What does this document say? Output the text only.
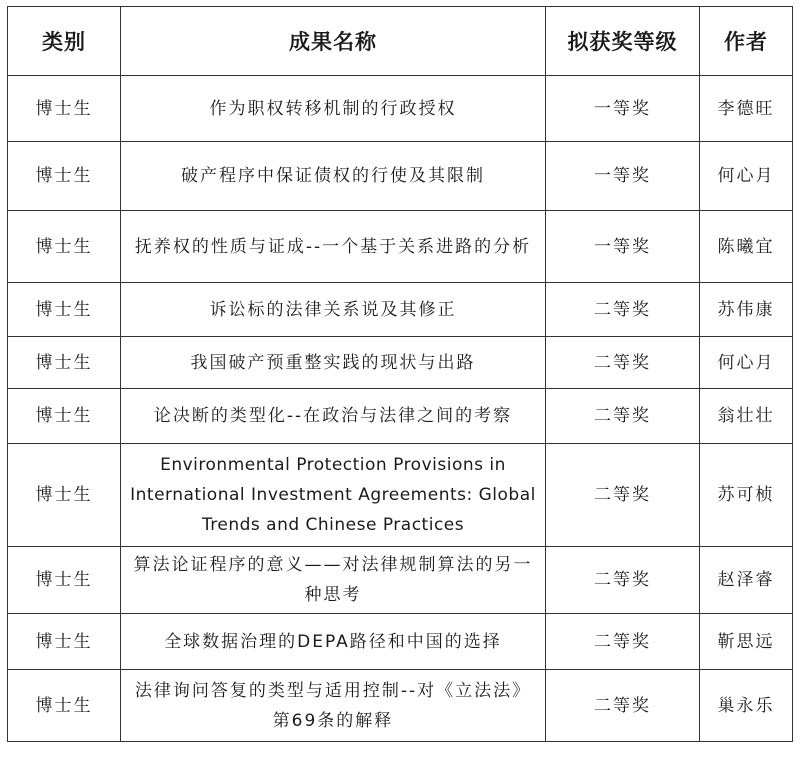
类别	成果名称	拟获奖等级	作者
博士生	作为职权转移机制的行政授权	一等奖	李德旺
博士生	破产程序中保证债权的行使及其限制	一等奖	何心月
博士生	抚养权的性质与证成--一个基于关系进路的分析	一等奖	陈曦宜
博士生	诉讼标的法律关系说及其修正	二等奖	苏伟康
博士生	我国破产预重整实践的现状与出路	二等奖	何心月
博士生	论决断的类型化--在政治与法律之间的考察	二等奖	翁壮壮
博士生	Environmental Protection Provisions in International Investment Agreements: Global Trends and Chinese Practices	二等奖	苏可桢
博士生	算法论证程序的意义——对法律规制算法的另一种思考	二等奖	赵泽睿
博士生	全球数据治理的DEPA路径和中国的选择	二等奖	靳思远
博士生	法律询问答复的类型与适用控制--对《立法法》第69条的解释	二等奖	巢永乐
